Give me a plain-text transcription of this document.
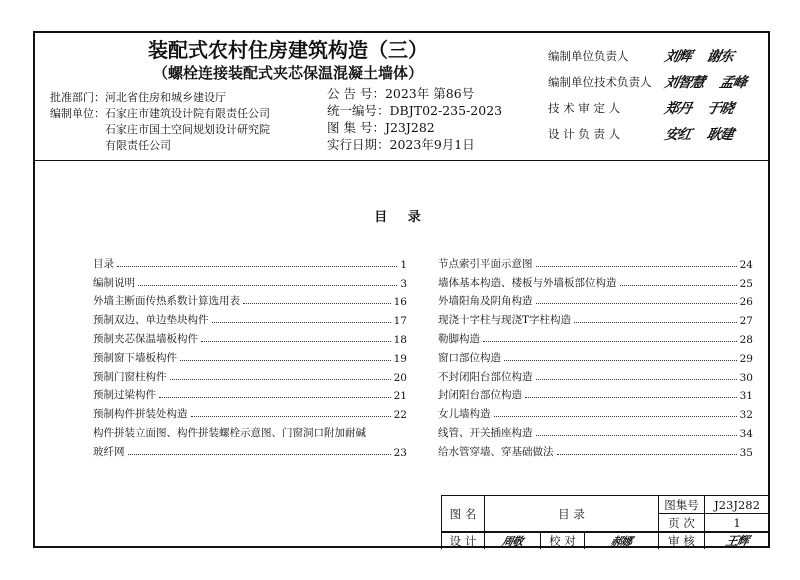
装配式农村住房建筑构造（三）
（螺栓连接装配式夹芯保温混凝土墙体）
批准部门： 河北省住房和城乡建设厅
编制单位： 石家庄市建筑设计院有限责任公司
石家庄市国土空间规划设计研究院
有限责任公司
公 告 号： 2023年 第86号
统一编号： DBJT02-235-2023
图 集 号： J23J282
实行日期： 2023年9月1日
编制单位负责人	刘辉 谢东
编制单位技术负责人 刘智慧 孟峰
技 术 审 定 人	郑丹 于晓
设 计 负 责 人	安红 耿建
目 录
目录	1
编制说明	3
外墙主断面传热系数计算选用表	16
预制双边、单边垫块构件	17
预制夹芯保温墙板构件	18
预制窗下墙板构件	19
预制门窗柱构件	20
预制过梁构件	21
预制构件拼装处构造	22
构件拼装立面图、构件拼装螺栓示意图、门窗洞口附加耐碱
玻纤网	23
节点索引平面示意图	24
墙体基本构造、楼板与外墙板部位构造	25
外墙阳角及阴角构造	26
现浇十字柱与现浇T字柱构造	27
勒脚构造	28
窗口部位构造	29
不封闭阳台部位构造	30
封闭阳台部位构造	31
女儿墙构造	32
线管、开关插座构造	34
给水管穿墙、穿基础做法	35
图 名	目 录
图集号	J23J282
页 次	1
设 计	周敬	校 对	郝娜	审 核	王辉
